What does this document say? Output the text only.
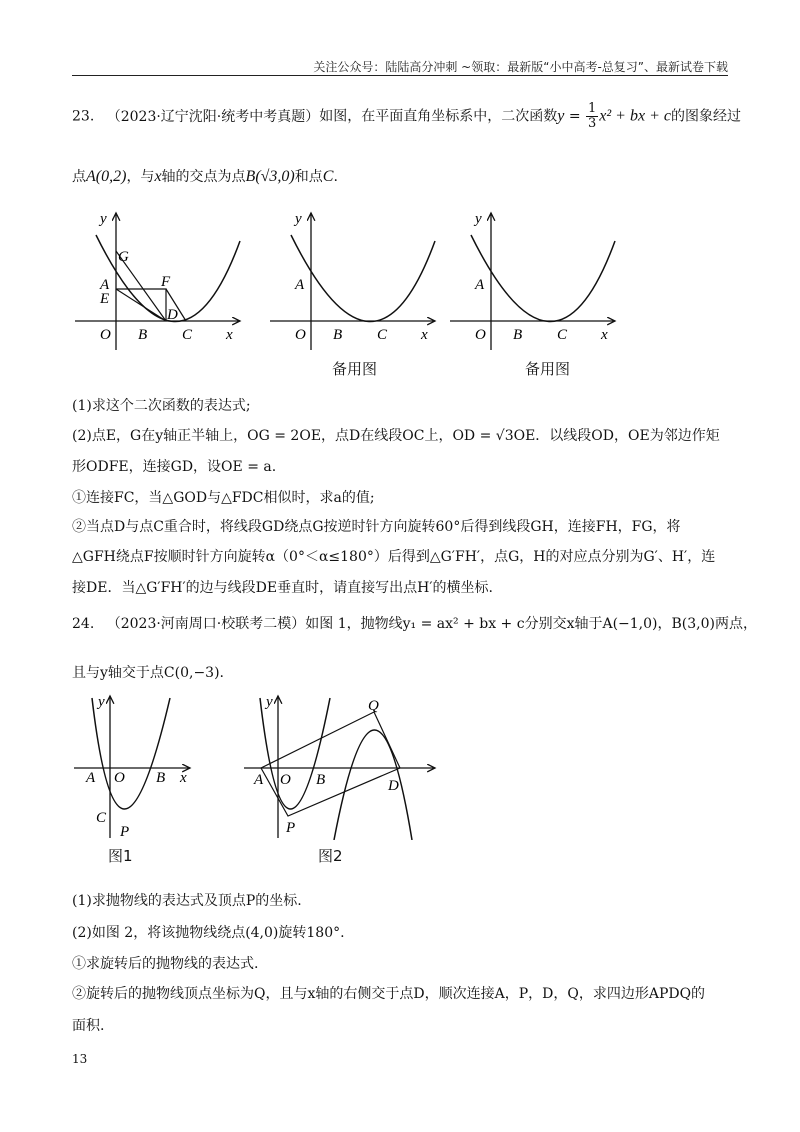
关注公众号：陆陆高分冲刺 ~领取：最新版“小中高考-总复习”、最新试卷下载
23. （2023·辽宁沈阳·统考中考真题）如图，在平面直角坐标系中，二次函数$y = \frac{1}{3} x^2$ + bx + c的图象经过
点A(0,2)，与x轴的交点为点B(√3,0)和点C.
y
x
O
G
A
E
F
D
B C
y
x
O
A
B C
y
x
O
A
B C
备用图	备用图
(1)求这个二次函数的表达式;
(2)点E，G在y轴正半轴上，OG = 2OE，点D在线段OC上，OD = √3OE．以线段OD，OE为邻边作矩
形ODFE，连接GD，设OE = a.
①连接FC，当△GOD与△FDC相似时，求a的值;
②当点D与点C重合时，将线段GD绕点G按逆时针方向旋转60°后得到线段GH，连接FH，FG，将
△GFH绕点F按顺时针方向旋转α（0°＜α≤180°）后得到△G′FH′，点G，H的对应点分别为G′、H′，连
接DE．当△G′FH′的边与线段DE垂直时，请直接写出点H′的横坐标.
24. （2023·河南周口·校联考二模）如图 1，抛物线y₁ = ax² + bx + c分别交x轴于A(−1,0)，B(3,0)两点，
且与y轴交于点C(0,−3).
y
x
A O B
C
P
y
A O B	D
Q
P
图1	图2
(1)求抛物线的表达式及顶点P的坐标.
(2)如图 2，将该抛物线绕点(4,0)旋转180°.
①求旋转后的抛物线的表达式.
②旋转后的抛物线顶点坐标为Q，且与x轴的右侧交于点D，顺次连接A，P，D，Q，求四边形APDQ的
面积.
13
